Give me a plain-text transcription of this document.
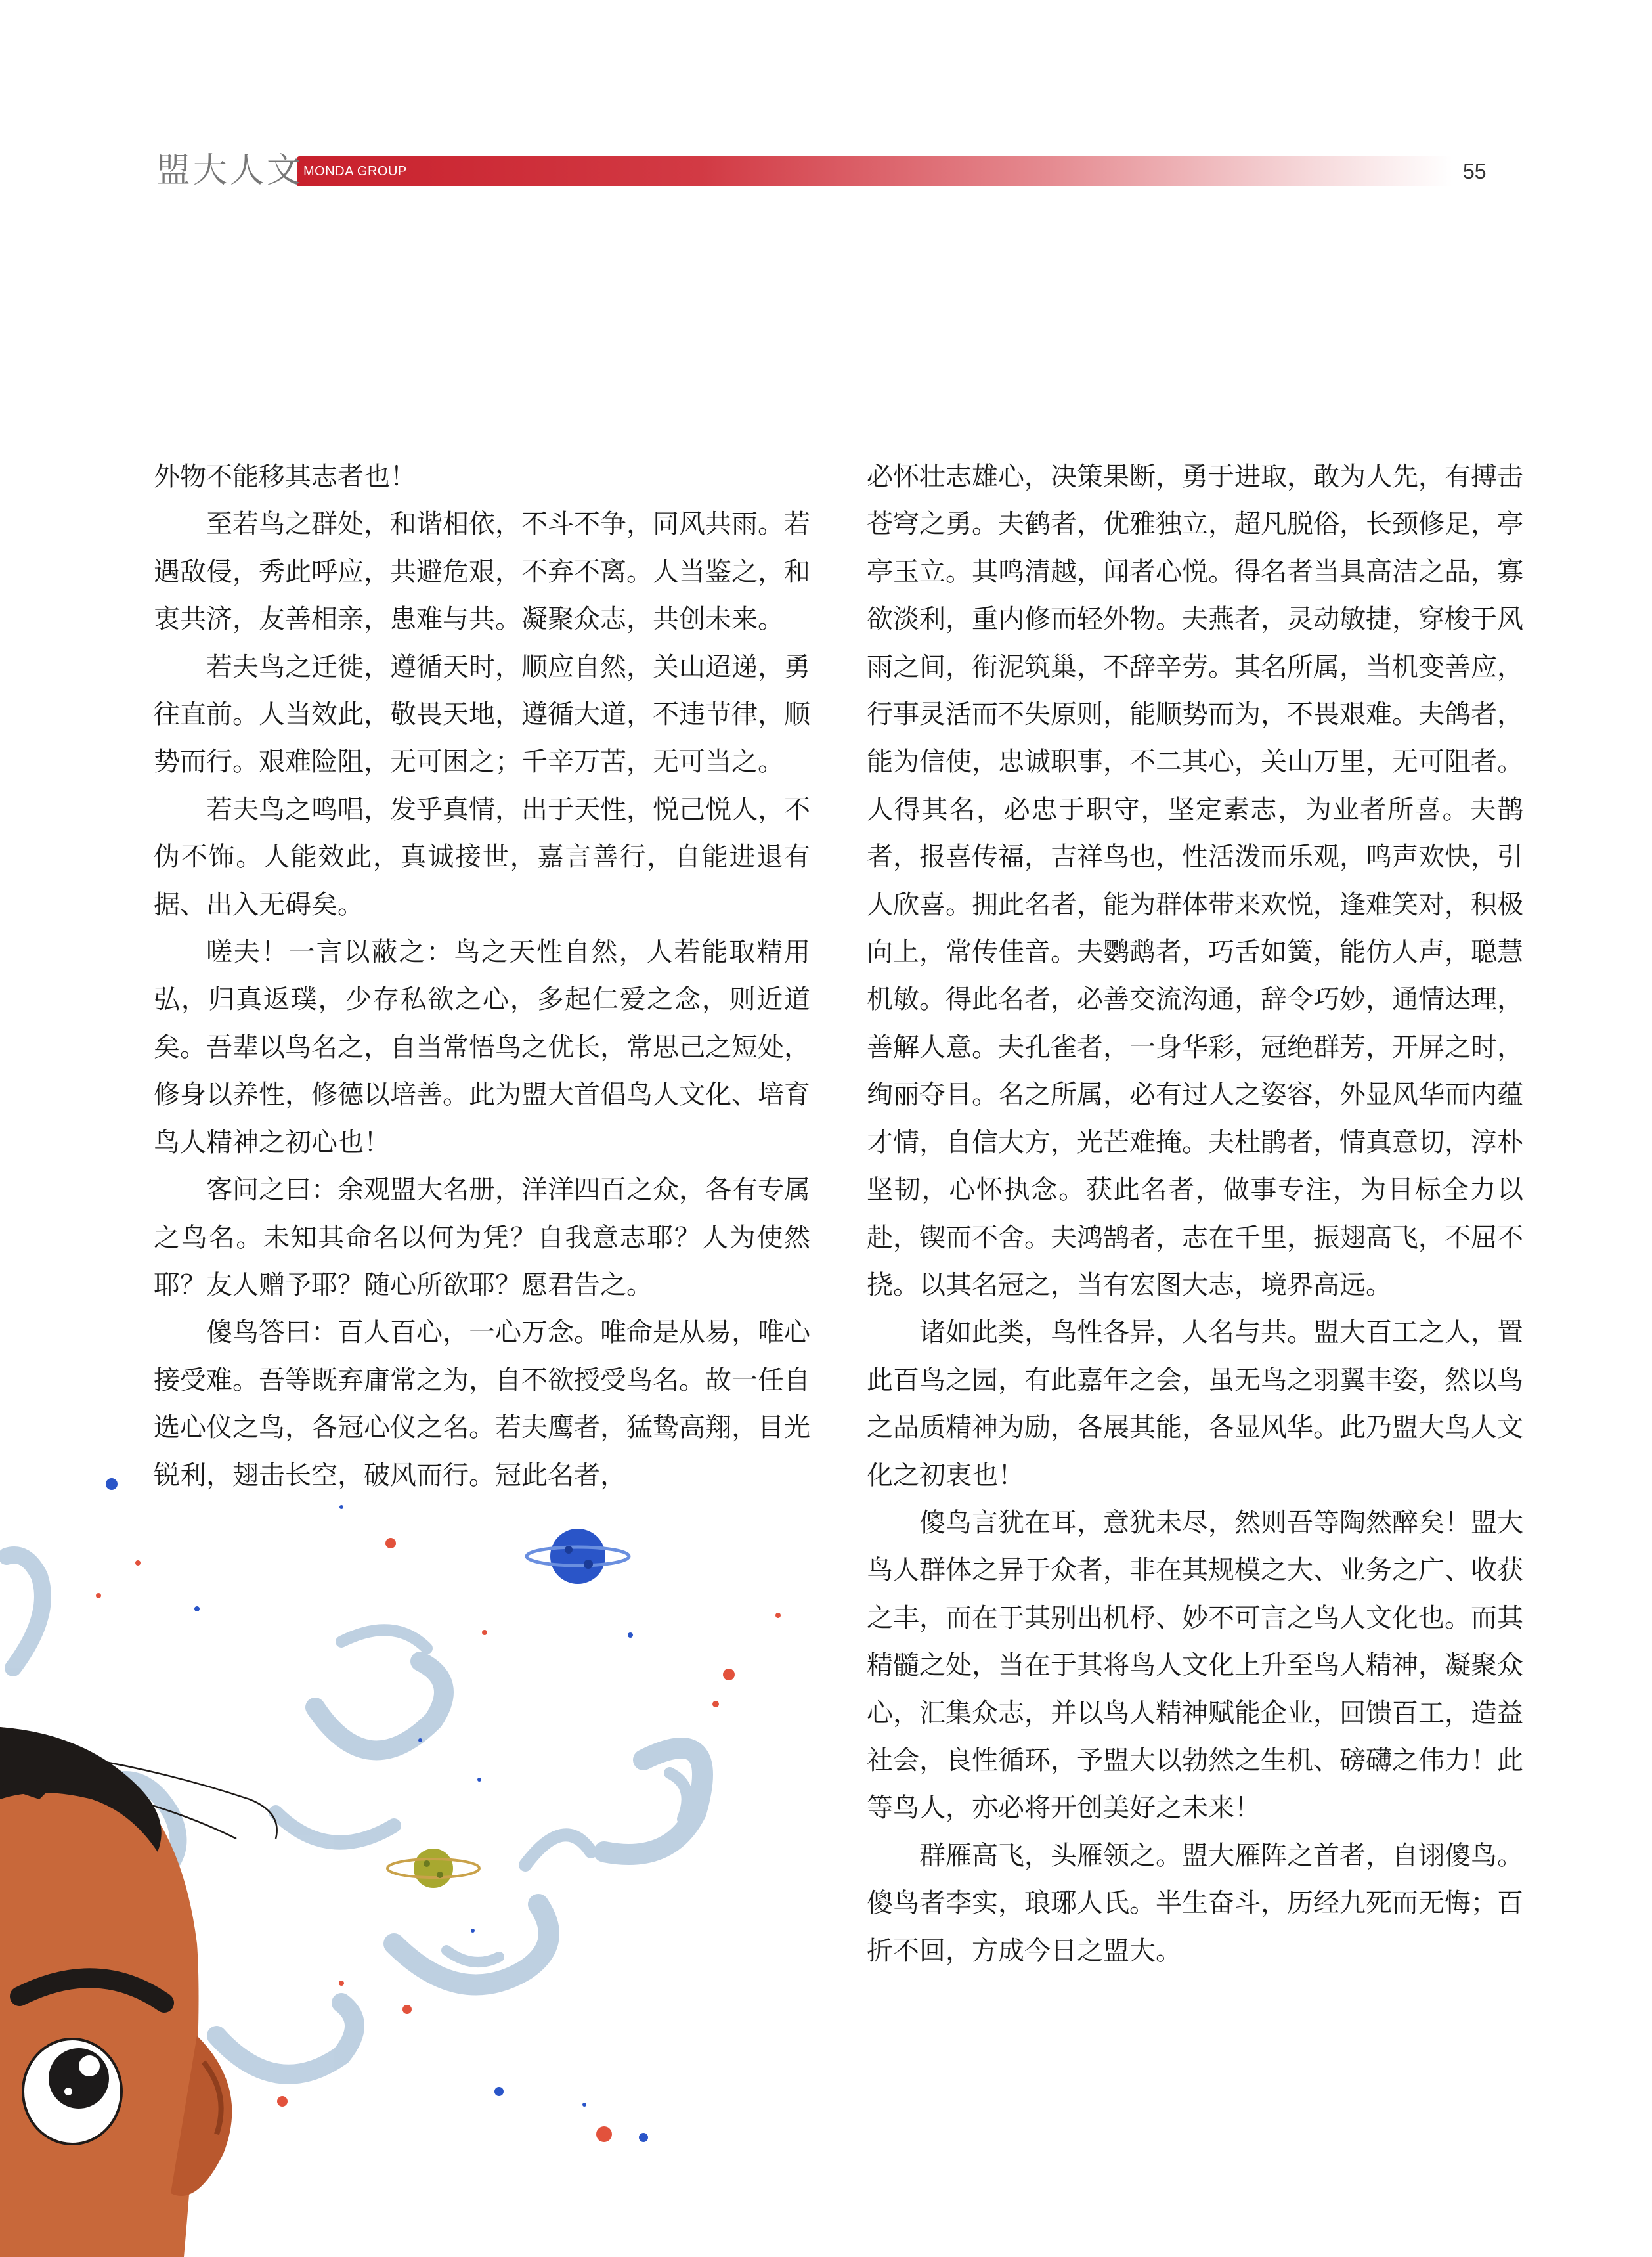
盟大人文 MONDA GROUP	55

外物不能移其志者也！

至若鸟之群处，和谐相依，不斗不争，同风共雨。若遇敌侵，秀此呼应，共避危艰，不弃不离。人当鉴之，和衷共济，友善相亲，患难与共。凝聚众志，共创未来。

若夫鸟之迁徙，遵循天时，顺应自然，关山迢递，勇往直前。人当效此，敬畏天地，遵循大道，不违节律，顺势而行。艰难险阻，无可困之；千辛万苦，无可当之。

若夫鸟之鸣唱，发乎真情，出于天性，悦己悦人，不伪不饰。人能效此，真诚接世，嘉言善行，自能进退有据、出入无碍矣。

嗟夫！一言以蔽之：鸟之天性自然，人若能取精用弘，归真返璞，少存私欲之心，多起仁爱之念，则近道矣。吾辈以鸟名之，自当常悟鸟之优长，常思己之短处，修身以养性，修德以培善。此为盟大首倡鸟人文化、培育鸟人精神之初心也！

客问之曰：余观盟大名册，洋洋四百之众，各有专属之鸟名。未知其命名以何为凭？自我意志耶？人为使然耶？友人赠予耶？随心所欲耶？愿君告之。

傻鸟答曰：百人百心，一心万念。唯命是从易，唯心接受难。吾等既弃庸常之为，自不欲授受鸟名。故一任自选心仪之鸟，各冠心仪之名。若夫鹰者，猛鸷高翔，目光锐利，翅击长空，破风而行。冠此名者，

必怀壮志雄心，决策果断，勇于进取，敢为人先，有搏击苍穹之勇。夫鹤者，优雅独立，超凡脱俗，长颈修足，亭亭玉立。其鸣清越，闻者心悦。得名者当具高洁之品，寡欲淡利，重内修而轻外物。夫燕者，灵动敏捷，穿梭于风雨之间，衔泥筑巢，不辞辛劳。其名所属，当机变善应，行事灵活而不失原则，能顺势而为，不畏艰难。夫鸽者，能为信使，忠诚职事，不二其心，关山万里，无可阻者。人得其名，必忠于职守，坚定素志，为业者所喜。夫鹊者，报喜传福，吉祥鸟也，性活泼而乐观，鸣声欢快，引人欣喜。拥此名者，能为群体带来欢悦，逢难笑对，积极向上，常传佳音。夫鹦鹉者，巧舌如簧，能仿人声，聪慧机敏。得此名者，必善交流沟通，辞令巧妙，通情达理，善解人意。夫孔雀者，一身华彩，冠绝群芳，开屏之时，绚丽夺目。名之所属，必有过人之姿容，外显风华而内蕴才情，自信大方，光芒难掩。夫杜鹃者，情真意切，淳朴坚韧，心怀执念。获此名者，做事专注，为目标全力以赴，锲而不舍。夫鸿鹄者，志在千里，振翅高飞，不屈不挠。以其名冠之，当有宏图大志，境界高远。

诸如此类，鸟性各异，人名与共。盟大百工之人，置此百鸟之园，有此嘉年之会，虽无鸟之羽翼丰姿，然以鸟之品质精神为励，各展其能，各显风华。此乃盟大鸟人文化之初衷也！

傻鸟言犹在耳，意犹未尽，然则吾等陶然醉矣！盟大鸟人群体之异于众者，非在其规模之大、业务之广、收获之丰，而在于其别出机杼、妙不可言之鸟人文化也。而其精髓之处，当在于其将鸟人文化上升至鸟人精神，凝聚众心，汇集众志，并以鸟人精神赋能企业，回馈百工，造益社会，良性循环，予盟大以勃然之生机、磅礴之伟力！此等鸟人，亦必将开创美好之未来！

群雁高飞，头雁领之。盟大雁阵之首者，自诩傻鸟。傻鸟者李实，琅琊人氏。半生奋斗，历经九死而无悔；百折不回，方成今日之盟大。
